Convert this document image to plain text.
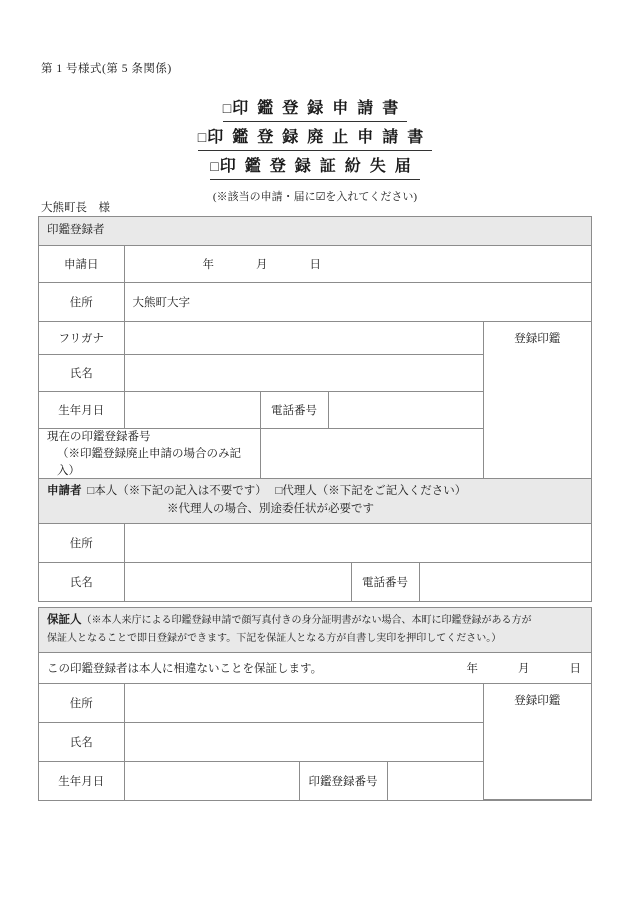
第 1 号様式(第 5 条関係)
□印鑑登録申請書
□印鑑登録廃止申請書
□印鑑登録証紛失届
(※該当の申請・届に☑を入れてください)
大熊町長　様
印鑑登録者
申請日	年 月 日			
住所	大熊町大字			
フリガナ				登録印鑑
氏名				
生年月日		電話番号		
現在の印鑑登録番号
（※印鑑登録廃止申請の場合のみ記入）				

申請者 □本人（※下記の記入は不要です） □代理人（※下記をご記入ください）
※代理人の場合、別途委任状が必要です
住所			
氏名		電話番号	
保証人（※本人来庁による印鑑登録申請で顔写真付きの身分証明書がない場合、本町に印鑑登録がある方が
保証人となることで即日登録ができます。下記を保証人となる方が自書し実印を押印してください。）
この印鑑登録者は本人に相違ないことを保証します。 年 月 日				

住所				登録印鑑
氏名				
生年月日		印鑑登録番号		
